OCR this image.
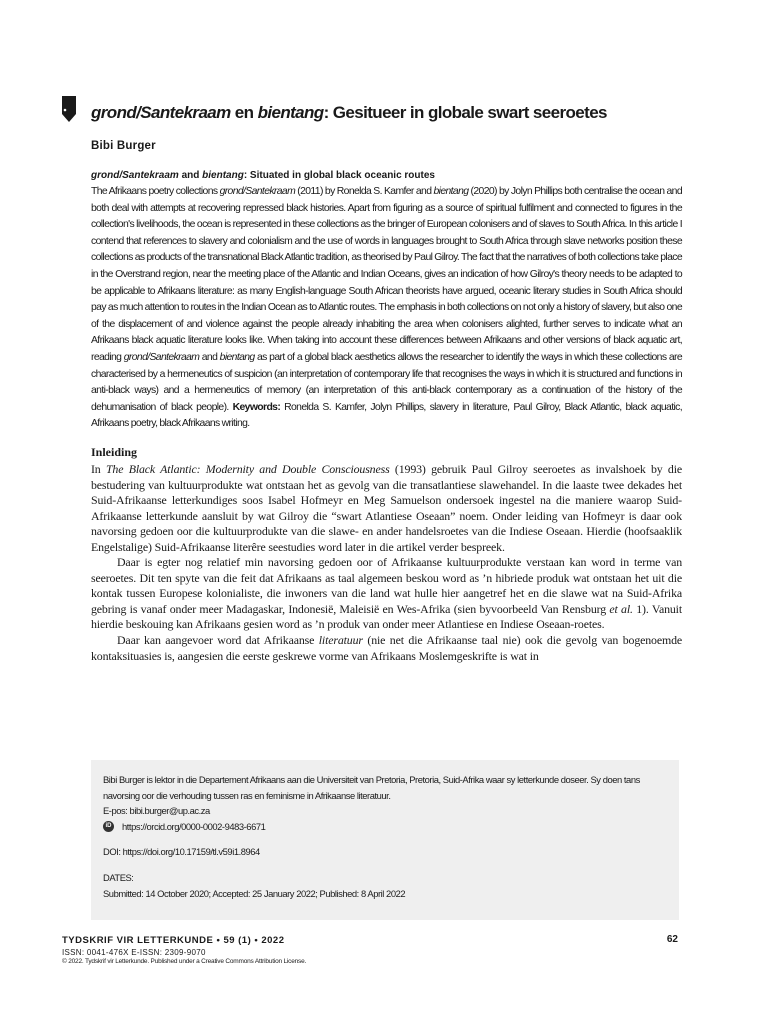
grond/Santekraam en bientang: Gesitueer in globale swart seeroetes
Bibi Burger
grond/Santekraam and bientang: Situated in global black oceanic routes
The Afrikaans poetry collections grond/Santekraam (2011) by Ronelda S. Kamfer and bientang (2020) by Jolyn Phillips both centralise the ocean and both deal with attempts at recovering repressed black histories. Apart from figuring as a source of spiritual fulfilment and connected to figures in the collection's livelihoods, the ocean is represented in these collections as the bringer of European colonisers and of slaves to South Africa. In this article I contend that references to slavery and colonialism and the use of words in languages brought to South Africa through slave networks position these collections as products of the transnational Black Atlantic tradition, as theorised by Paul Gilroy. The fact that the narratives of both collections take place in the Overstrand region, near the meeting place of the Atlantic and Indian Oceans, gives an indication of how Gilroy's theory needs to be adapted to be applicable to Afrikaans literature: as many English-language South African theorists have argued, oceanic literary studies in South Africa should pay as much attention to routes in the Indian Ocean as to Atlantic routes. The emphasis in both collections on not only a history of slavery, but also one of the displacement of and violence against the people already inhabiting the area when colonisers alighted, further serves to indicate what an Afrikaans black aquatic literature looks like. When taking into account these differences between Afrikaans and other versions of black aquatic art, reading grond/Santekraam and bientang as part of a global black aesthetics allows the researcher to identify the ways in which these collections are characterised by a hermeneutics of suspicion (an interpretation of contemporary life that recognises the ways in which it is structured and functions in anti-black ways) and a hermeneutics of memory (an interpretation of this anti-black contemporary as a continuation of the history of the dehumanisation of black people). Keywords: Ronelda S. Kamfer, Jolyn Phillips, slavery in literature, Paul Gilroy, Black Atlantic, black aquatic, Afrikaans poetry, black Afrikaans writing.
Inleiding

In The Black Atlantic: Modernity and Double Consciousness (1993) gebruik Paul Gilroy seeroetes as invalshoek by die bestudering van kultuurprodukte wat ontstaan het as gevolg van die transatlantiese slawehandel. In die laaste twee dekades het Suid-Afrikaanse letterkundiges soos Isabel Hofmeyr en Meg Samuelson ondersoek ingestel na die maniere waarop Suid-Afrikaanse letterkunde aansluit by wat Gilroy die “swart Atlantiese Oseaan” noem. Onder leiding van Hofmeyr is daar ook navorsing gedoen oor die kultuurprodukte van die slawe- en ander handelsroetes van die Indiese Oseaan. Hierdie (hoofsaaklik Engelstalige) Suid-Afrikaanse literêre seestudies word later in die artikel verder bespreek.

Daar is egter nog relatief min navorsing gedoen oor of Afrikaanse kultuurprodukte verstaan kan word in terme van seeroetes. Dit ten spyte van die feit dat Afrikaans as taal algemeen beskou word as ’n hibriede produk wat ontstaan het uit die kontak tussen Europese kolonialiste, die inwoners van die land wat hulle hier aangetref het en die slawe wat na Suid-Afrika gebring is vanaf onder meer Madagaskar, Indonesië, Maleisië en Wes-Afrika (sien byvoorbeeld Van Rensburg et al. 1). Vanuit hierdie beskouing kan Afrikaans gesien word as ’n produk van onder meer Atlantiese en Indiese Oseaan-roetes.

Daar kan aangevoer word dat Afrikaanse literatuur (nie net die Afrikaanse taal nie) ook die gevolg van bogenoemde kontaksituasies is, aangesien die eerste geskrewe vorme van Afrikaans Moslemgeskrifte is wat in

Bibi Burger is lektor in die Departement Afrikaans aan die Universiteit van Pretoria, Pretoria, Suid-Afrika waar sy letterkunde doseer. Sy doen tans navorsing oor die verhouding tussen ras en feminisme in Afrikaanse literatuur.
E-pos: bibi.burger@up.ac.za
iD https://orcid.org/0000-0002-9483-6671
DOI: https://doi.org/10.17159/tl.v59i1.8964
DATES:
Submitted: 14 October 2020; Accepted: 25 January 2022; Published: 8 April 2022
TYDSKRIF VIR LETTERKUNDE • 59 (1) • 2022	62
ISSN: 0041-476X E-ISSN: 2309-9070
© 2022. Tydskrif vir Letterkunde. Published under a Creative Commons Attribution License.
